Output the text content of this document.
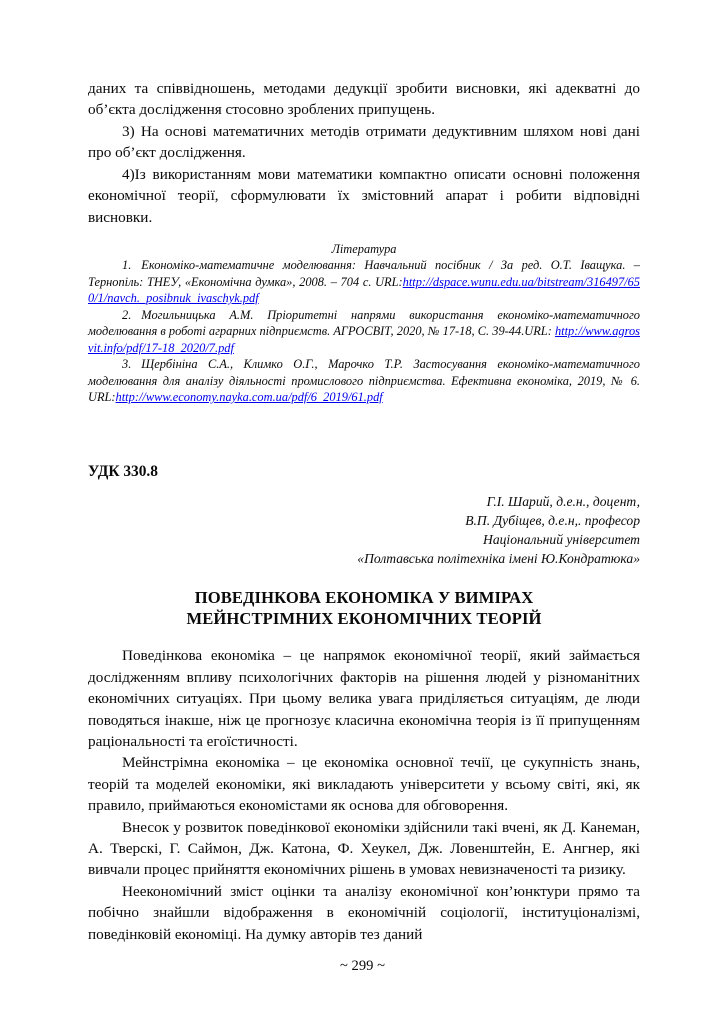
даних та співвідношень, методами дедукції зробити висновки, які адекватні до об’єкта дослідження стосовно зроблених припущень.

3) На основі математичних методів отримати дедуктивним шляхом нові дані про об’єкт дослідження.

4)Із використанням мови математики компактно описати основні положення економічної теорії, сформулювати їх змістовний апарат і робити відповідні висновки.

Література

1. Економіко-математичне моделювання: Навчальний посібник / За ред. О.Т. Іващука. – Тернопіль: ТНЕУ, «Економічна думка», 2008. – 704 с. URL:http://dspace.wunu.edu.ua/bitstream/316497/650/1/navch._posibnuk_ivaschyk.pdf
2. Могильницька А.М. Пріоритетні напрями використання економіко-математичного моделювання в роботі аграрних підприємств. АГРОСВІТ, 2020, № 17-18, С. 39-44.URL: http://www.agrosvit.info/pdf/17-18_2020/7.pdf
3. Щербініна С.А., Климко О.Г., Марочко Т.Р. Застосування економіко-математичного моделювання для аналізу діяльності промислового підприємства. Ефективна економіка, 2019, № 6. URL:http://www.economy.nayka.com.ua/pdf/6_2019/61.pdf

УДК 330.8

Г.І. Шарий, д.е.н., доцент,
В.П. Дубіщев, д.е.н,. професор
Національний університет
«Полтавська політехніка імені Ю.Кондратюка»
ПОВЕДІНКОВА ЕКОНОМІКА У ВИМІРАХ
МЕЙНСТРІМНИХ ЕКОНОМІЧНИХ ТЕОРІЙ

Поведінкова економіка – це напрямок економічної теорії, який займається дослідженням впливу психологічних факторів на рішення людей у різноманітних економічних ситуаціях. При цьому велика увага приділяється ситуаціям, де люди поводяться інакше, ніж це прогнозує класична економічна теорія із її припущенням раціональності та егоїстичності.

Мейнстрімна економіка – це економіка основної течії, це сукупність знань, теорій та моделей економіки, які викладають університети у всьому світі, які, як правило, приймаються економістами як основа для обговорення.

Внесок у розвиток поведінкової економіки здійснили такі вчені, як Д. Канеман, А. Тверскі, Г. Саймон, Дж. Катона, Ф. Хеукел, Дж. Ловенштейн, Е. Ангнер, які вивчали процес прийняття економічних рішень в умовах невизначеності та ризику.

Неекономічний зміст оцінки та аналізу економічної кон’юнктури прямо та побічно знайшли відображення в економічній соціології, інституціоналізмі, поведінковій економіці. На думку авторів тез даний

~ 299 ~
